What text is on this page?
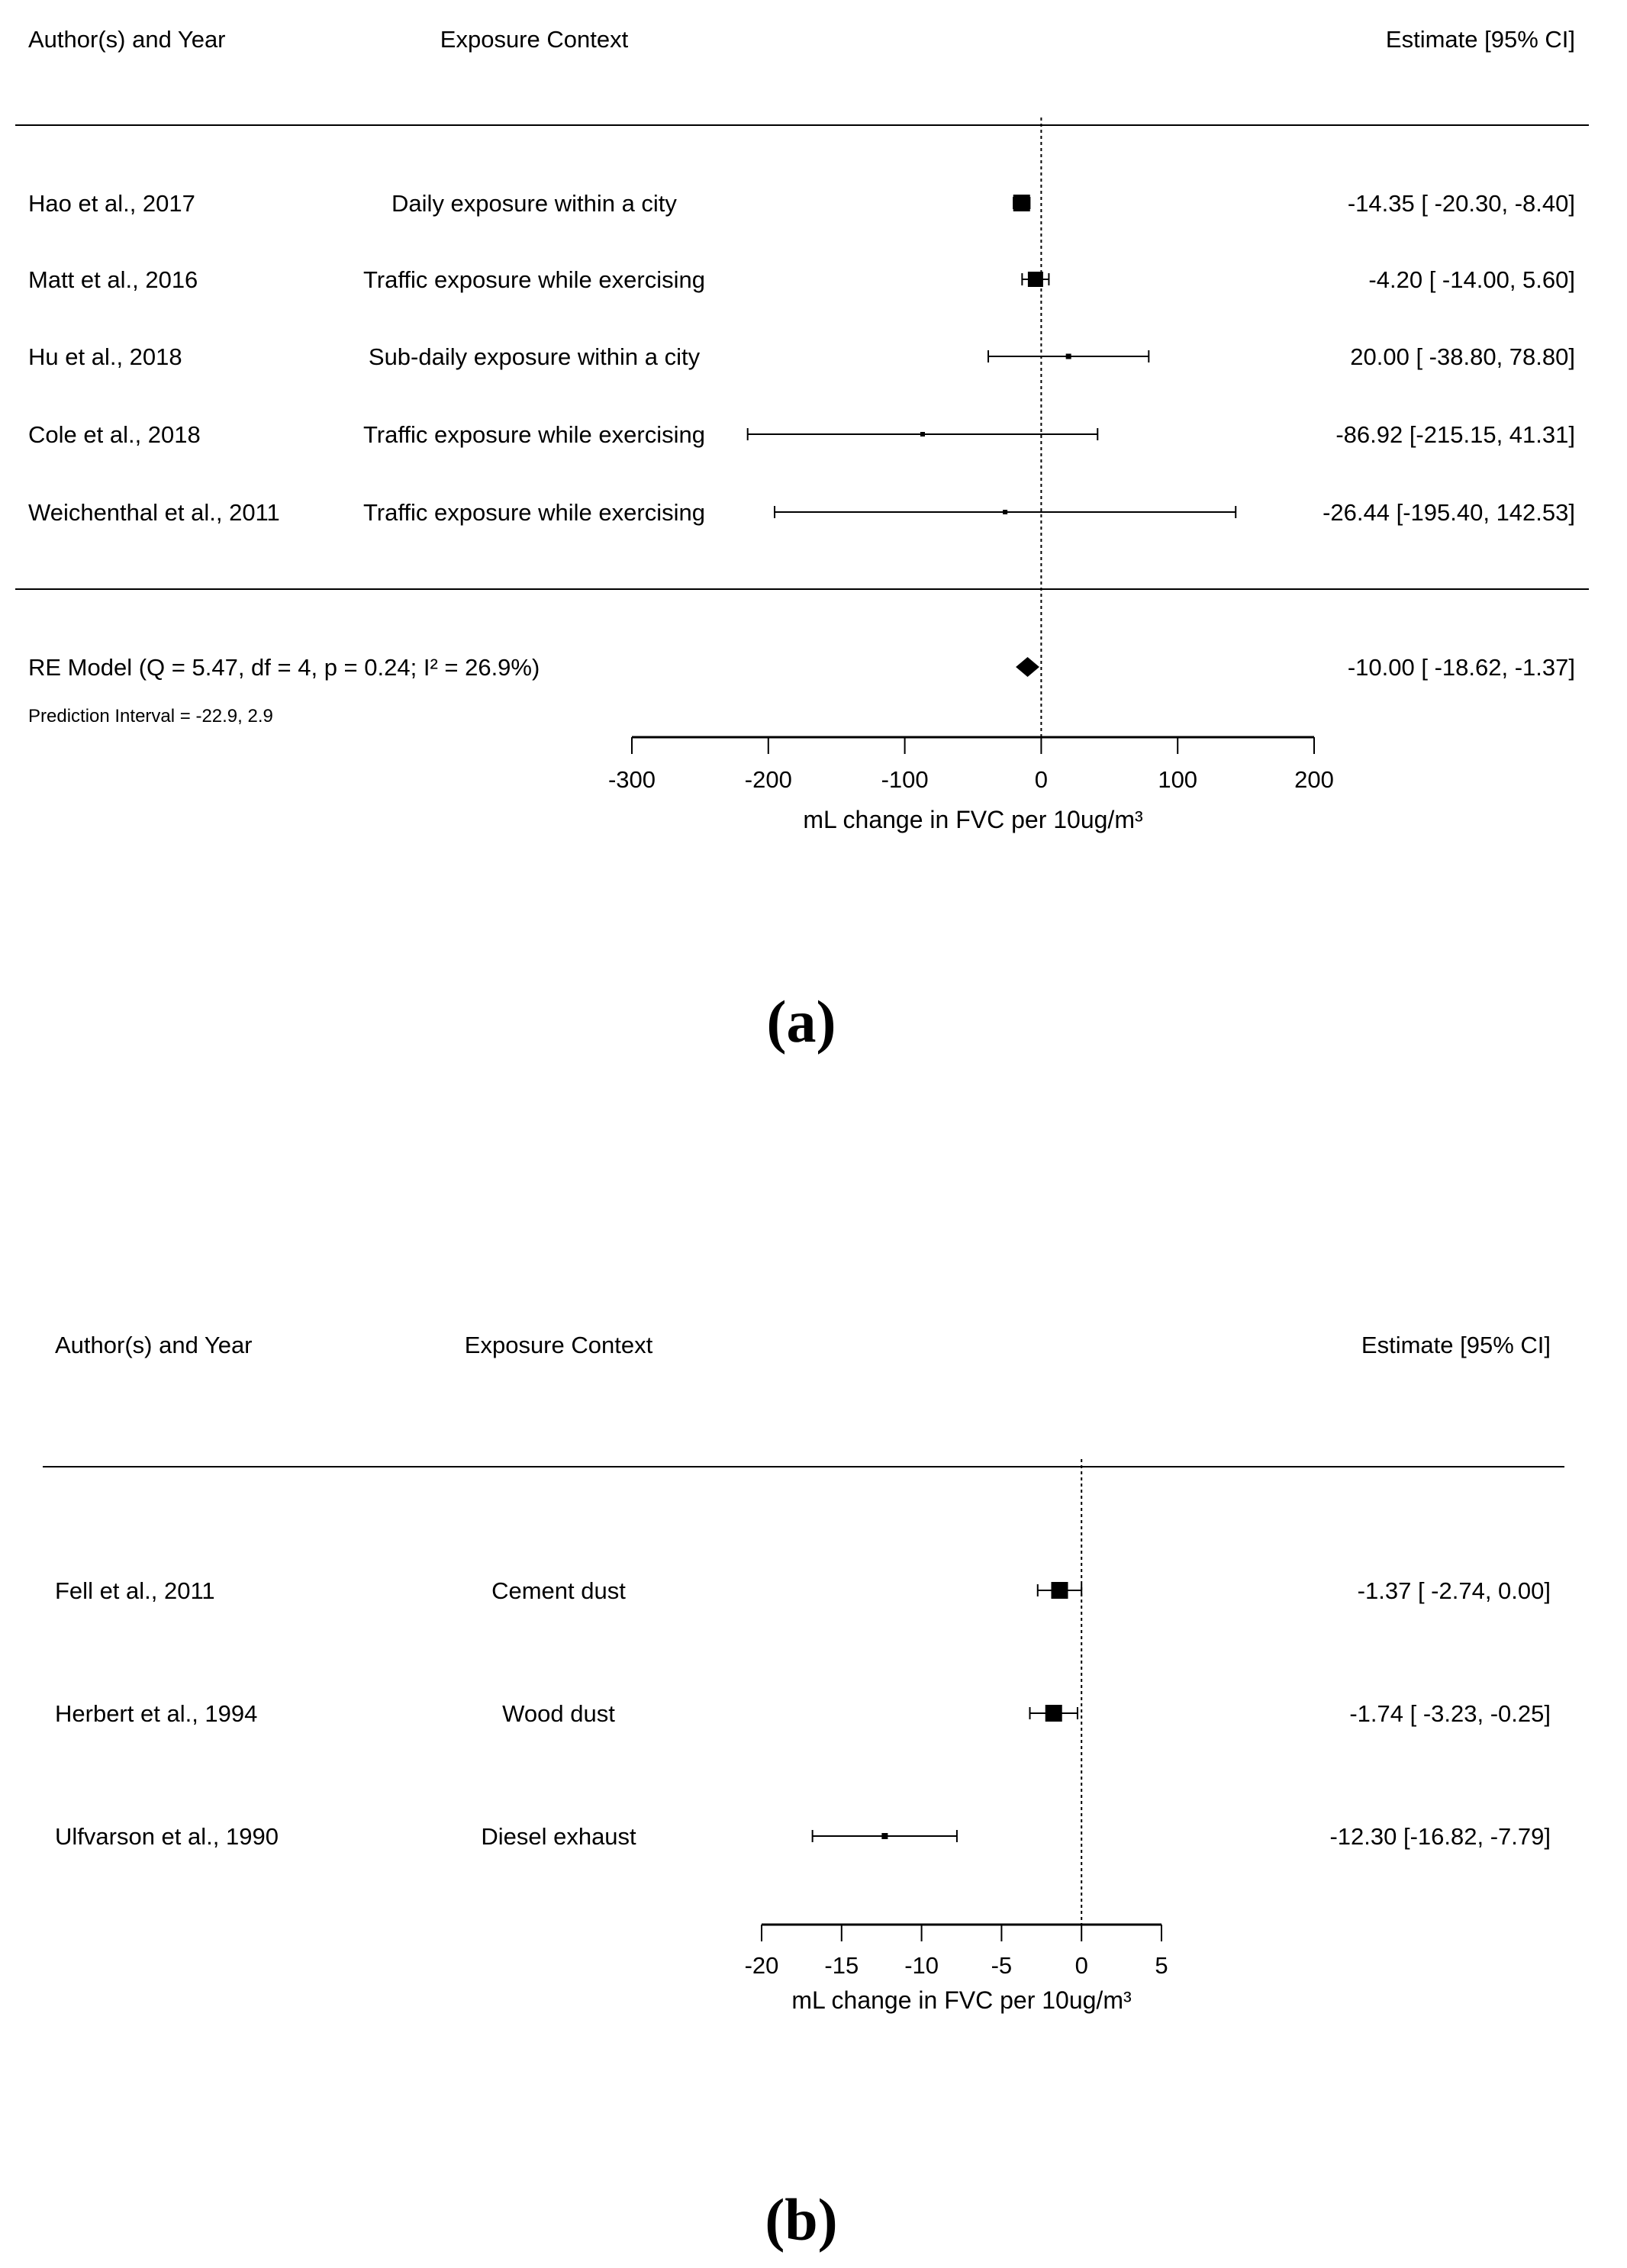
Author(s) and Year	Exposure Context	Estimate [95% CI]
Hao et al., 2017	Daily exposure within a city	-14.35 [ -20.30, -8.40]
Matt et al., 2016	Traffic exposure while exercising	-4.20 [ -14.00, 5.60]
Hu et al., 2018	Sub-daily exposure within a city	20.00 [ -38.80, 78.80]
Cole et al., 2018	Traffic exposure while exercising	-86.92 [-215.15, 41.31]
Weichenthal et al., 2011	Traffic exposure while exercising	-26.44 [-195.40, 142.53]
RE Model (Q = 5.47, df = 4, p = 0.24; I² = 26.9%)	-10.00 [ -18.62, -1.37]
Prediction Interval = -22.9, 2.9
-300	-200	-100	0	100	200
mL change in FVC per 10ug/m³
(a)
Author(s) and Year	Exposure Context	Estimate [95% CI]
Fell et al., 2011	Cement dust	-1.37 [ -2.74, 0.00]
Herbert et al., 1994	Wood dust	-1.74 [ -3.23, -0.25]
Ulfvarson et al., 1990	Diesel exhaust	-12.30 [-16.82, -7.79]
-20 -15 -10 -5	0	5
mL change in FVC per 10ug/m³
(b)
